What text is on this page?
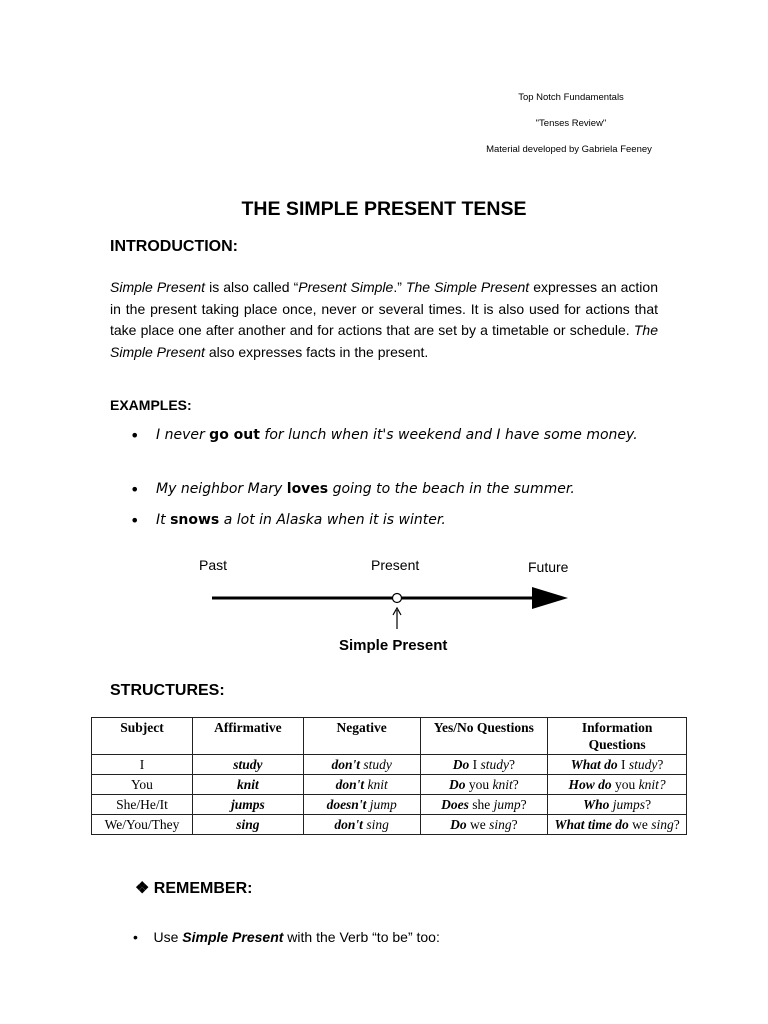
Top Notch Fundamentals
"Tenses Review"
Material developed by Gabriela Feeney
THE SIMPLE PRESENT TENSE
INTRODUCTION:
Simple Present is also called “Present Simple.” The Simple Present expresses an action in the present taking place once, never or several times. It is also used for actions that take place one after another and for actions that are set by a timetable or schedule. The Simple Present also expresses facts in the present.
EXAMPLES:
• I never go out for lunch when it's weekend and I have some money.
• My neighbor Mary loves going to the beach in the summer.
• It snows a lot in Alaska when it is winter.
Past	Present	Future
Simple Present
STRUCTURES:
Subject	Affirmative	Negative	Yes/No Questions	Information Questions
I	study	don't study	Do I study?	What do I study?
You	knit	don't knit	Do you knit?	How do you knit?
She/He/It	jumps	doesn't jump	Does she jump?	Who jumps?
We/You/They	sing	don't sing	Do we sing?	What time do we sing?
❖ REMEMBER:
• Use Simple Present with the Verb “to be” too:
